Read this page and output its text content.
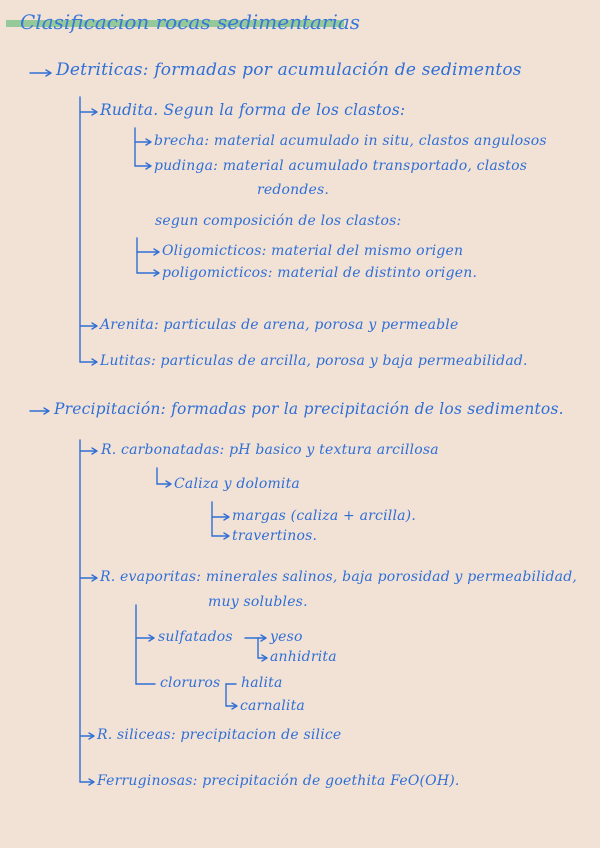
Clasificacion rocas sedimentarias
Detriticas: formadas por acumulación de sedimentos
Rudita. Segun la forma de los clastos:
brecha: material acumulado in situ, clastos angulosos
pudinga: material acumulado transportado, clastos
redondes.
segun composición de los clastos:
Oligomicticos: material del mismo origen
poligomicticos: material de distinto origen.
Arenita: particulas de arena, porosa y permeable
Lutitas: particulas de arcilla, porosa y baja permeabilidad.
Precipitación: formadas por la precipitación de los sedimentos.
R. carbonatadas: pH basico y textura arcillosa
Caliza y dolomita
margas (caliza + arcilla).
travertinos.
R. evaporitas: minerales salinos, baja porosidad y permeabilidad,
muy solubles.
sulfatados	yeso
anhidrita
cloruros halita
carnalita
R. siliceas: precipitacion de silice
Ferruginosas: precipitación de goethita FeO(OH).
